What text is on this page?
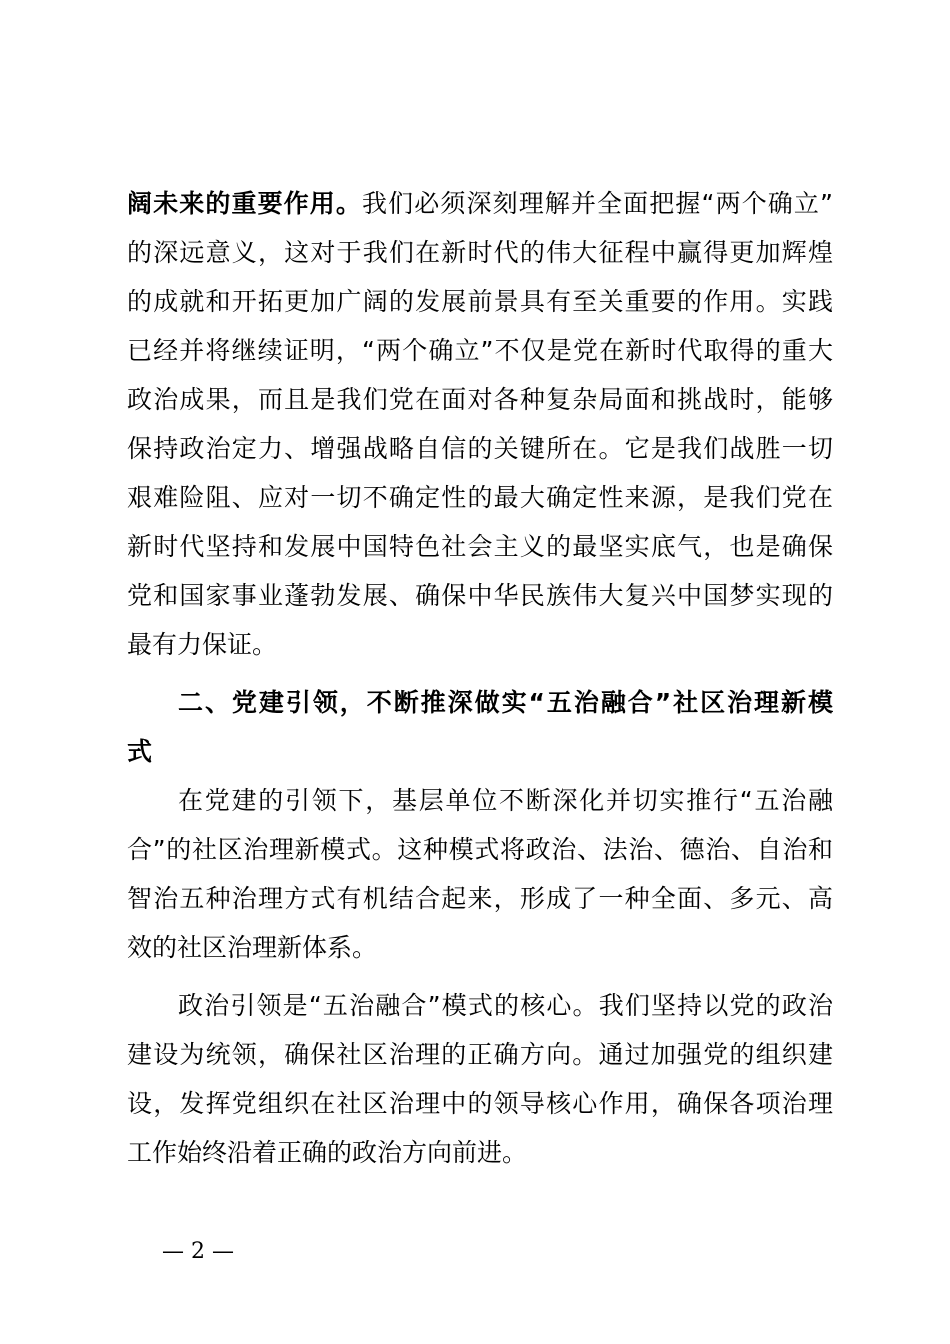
阔未来的重要作用。我们必须深刻理解并全面把握“两个确立”
的深远意义，这对于我们在新时代的伟大征程中赢得更加辉煌
的成就和开拓更加广阔的发展前景具有至关重要的作用。实践
已经并将继续证明，“两个确立”不仅是党在新时代取得的重大
政治成果，而且是我们党在面对各种复杂局面和挑战时，能够
保持政治定力、增强战略自信的关键所在。它是我们战胜一切
艰难险阻、应对一切不确定性的最大确定性来源，是我们党在
新时代坚持和发展中国特色社会主义的最坚实底气，也是确保
党和国家事业蓬勃发展、确保中华民族伟大复兴中国梦实现的
最有力保证。
二、党建引领，不断推深做实“五治融合”社区治理新模
式
在党建的引领下，基层单位不断深化并切实推行“五治融
合”的社区治理新模式。这种模式将政治、法治、德治、自治和
智治五种治理方式有机结合起来，形成了一种全面、多元、高
效的社区治理新体系。
政治引领是“五治融合”模式的核心。我们坚持以党的政治
建设为统领，确保社区治理的正确方向。通过加强党的组织建
设，发挥党组织在社区治理中的领导核心作用，确保各项治理
工作始终沿着正确的政治方向前进。
— 2 —
